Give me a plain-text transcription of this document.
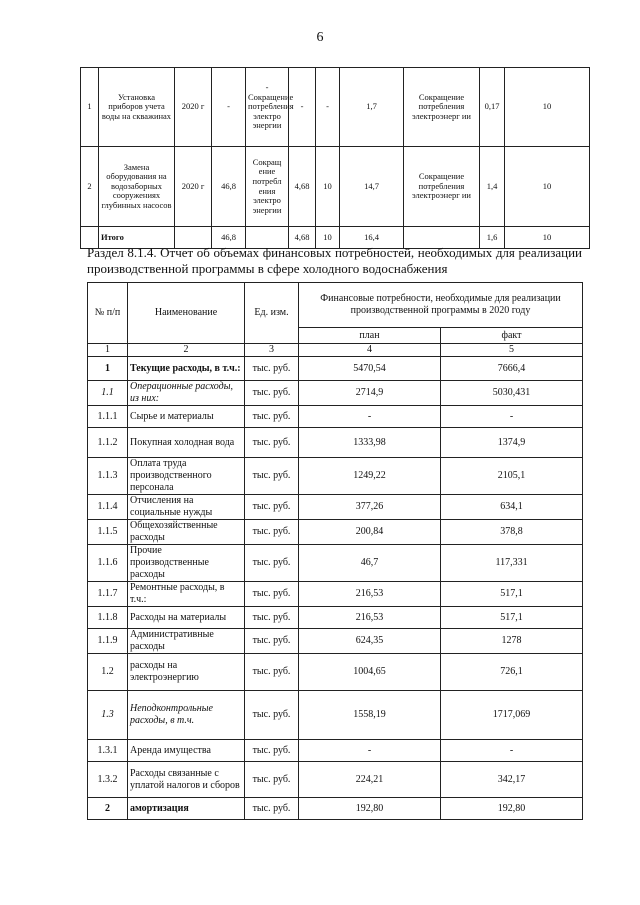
6
1	Установка приборов учета воды на скважинах	2020 г	-	- Сокращение потребления электро энергии	-	-	1,7	Сокращение потребления электроэнерг ии	0,17	10
2	Замена оборудования на водозаборных сооружениях глубинных насосов	2020 г	46,8	Сокращ ение потребл ения электро энергии	4,68	10	14,7	Сокращение потребления электроэнерг ии	1,4	10
	Итого		46,8		4,68	10	16,4		1,6	10
Раздел 8.1.4. Отчет об объемах финансовых потребностей, необходимых для реализации производственной программы в сфере холодного водоснабжения
№ п/п	Наименование	Ед. изм.	Финансовые потребности, необходимые для реализации производственной программы в 2020 году	
			план	факт
1	2	3	4	5
1	Текущие расходы, в т.ч.:	тыс. руб.	5470,54	7666,4
1.1	Операционные расходы, из них:	тыс. руб.	2714,9	5030,431
1.1.1	Сырье и материалы	тыс. руб.	-	-
1.1.2	Покупная холодная вода	тыс. руб.	1333,98	1374,9
1.1.3	Оплата труда производственного персонала	тыс. руб.	1249,22	2105,1
1.1.4	Отчисления на социальные нужды	тыс. руб.	377,26	634,1
1.1.5	Общехозяйственные расходы	тыс. руб.	200,84	378,8
1.1.6	Прочие производственные расходы	тыс. руб.	46,7	117,331
1.1.7	Ремонтные расходы, в т.ч.:	тыс. руб.	216,53	517,1
1.1.8	Расходы на материалы	тыс. руб.	216,53	517,1
1.1.9	Административные расходы	тыс. руб.	624,35	1278
1.2	расходы на электроэнергию	тыс. руб.	1004,65	726,1
1.3	Неподконтрольные расходы, в т.ч.	тыс. руб.	1558,19	1717,069
1.3.1	Аренда имущества	тыс. руб.	-	-
1.3.2	Расходы связанные с уплатой налогов и сборов	тыс. руб.	224,21	342,17
2	амортизация	тыс. руб.	192,80	192,80
